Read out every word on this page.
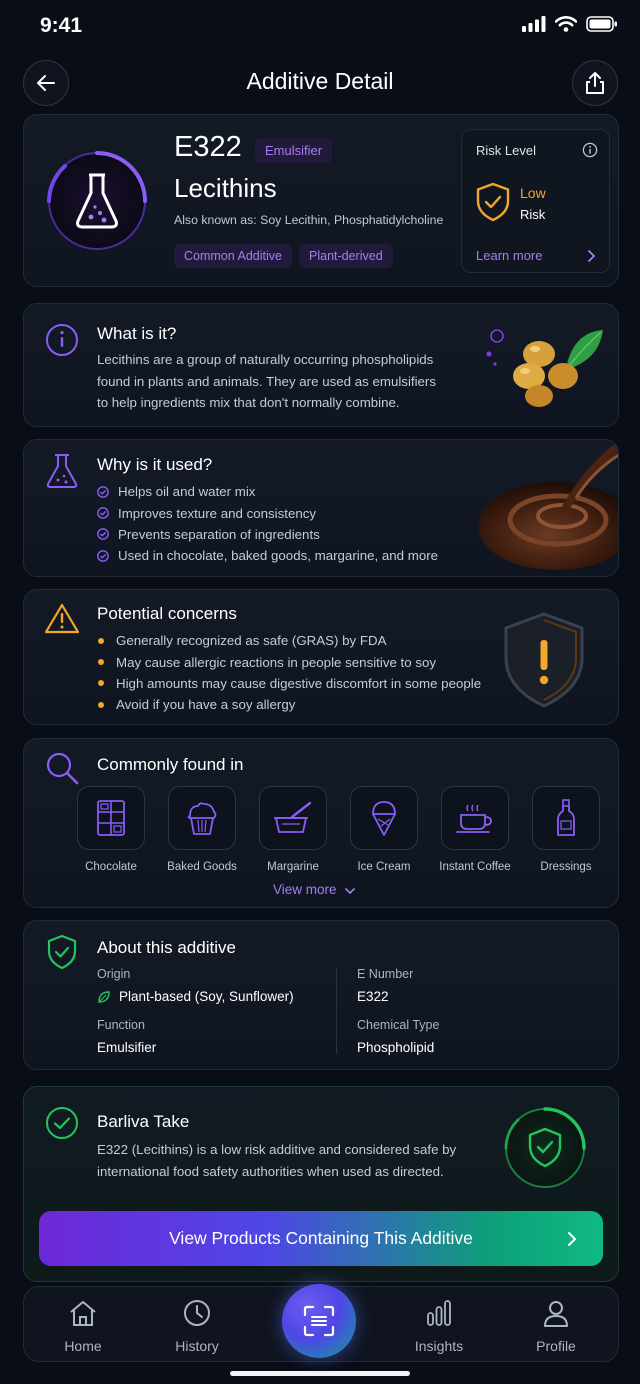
9:41
Additive Detail
E322	Emulsifier
Lecithins
Also known as: Soy Lecithin, Phosphatidylcholine
Common Additive	Plant-derived
Risk Level
Low
Risk
Learn more
What is it?
Lecithins are a group of naturally occurring phospholipids
found in plants and animals. They are used as emulsifiers
to help ingredients mix that don't normally combine.
Why is it used?
Helps oil and water mix
Improves texture and consistency
Prevents separation of ingredients
Used in chocolate, baked goods, margarine, and more
Potential concerns
Generally recognized as safe (GRAS) by FDA
May cause allergic reactions in people sensitive to soy
High amounts may cause digestive discomfort in some people
Avoid if you have a soy allergy
Commonly found in
Chocolate	Baked Goods	Margarine	Ice Cream	Instant Coffee	Dressings
View more
About this additive
Origin
Plant-based (Soy, Sunflower)
Function
Emulsifier
E Number
E322
Chemical Type
Phospholipid
Barliva Take
E322 (Lecithins) is a low risk additive and considered safe by
international food safety authorities when used as directed.
View Products Containing This Additive
Home	History	Insights	Profile
